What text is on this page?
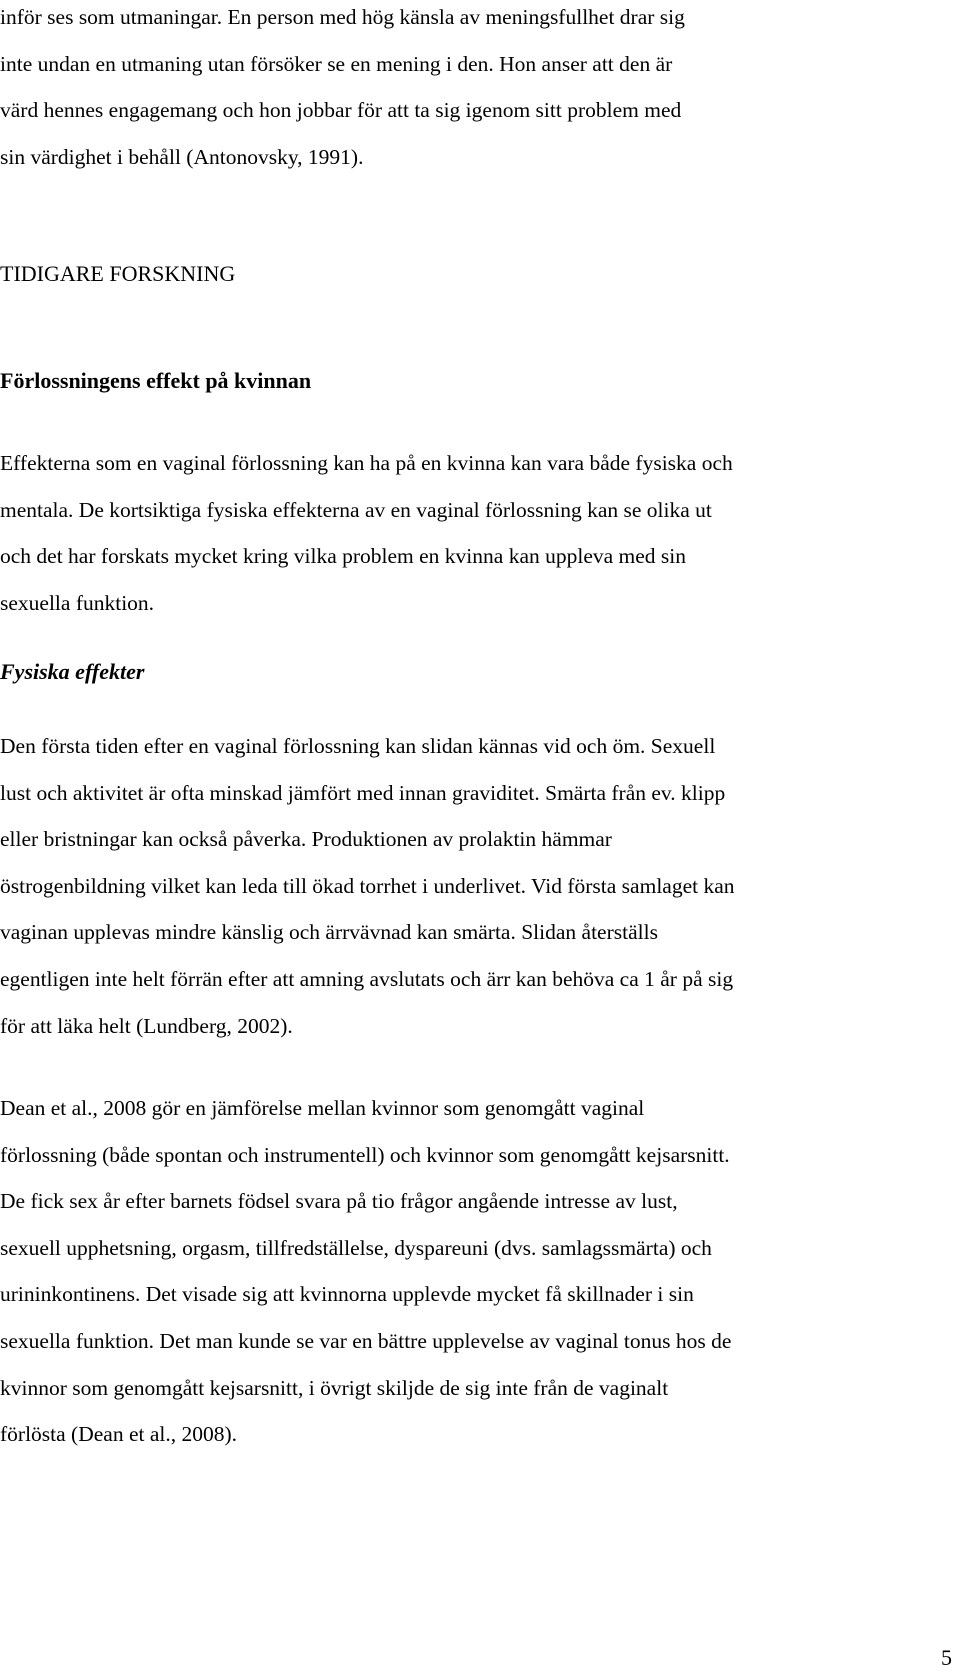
inför ses som utmaningar. En person med hög känsla av meningsfullhet drar sig
inte undan en utmaning utan försöker se en mening i den. Hon anser att den är
värd hennes engagemang och hon jobbar för att ta sig igenom sitt problem med
sin värdighet i behåll (Antonovsky, 1991).
TIDIGARE FORSKNING
Förlossningens effekt på kvinnan
Effekterna som en vaginal förlossning kan ha på en kvinna kan vara både fysiska och
mentala. De kortsiktiga fysiska effekterna av en vaginal förlossning kan se olika ut
och det har forskats mycket kring vilka problem en kvinna kan uppleva med sin
sexuella funktion.
Fysiska effekter
Den första tiden efter en vaginal förlossning kan slidan kännas vid och öm. Sexuell
lust och aktivitet är ofta minskad jämfört med innan graviditet. Smärta från ev. klipp
eller bristningar kan också påverka. Produktionen av prolaktin hämmar
östrogenbildning vilket kan leda till ökad torrhet i underlivet. Vid första samlaget kan
vaginan upplevas mindre känslig och ärrvävnad kan smärta. Slidan återställs
egentligen inte helt förrän efter att amning avslutats och ärr kan behöva ca 1 år på sig
för att läka helt (Lundberg, 2002).
Dean et al., 2008 gör en jämförelse mellan kvinnor som genomgått vaginal
förlossning (både spontan och instrumentell) och kvinnor som genomgått kejsarsnitt.
De fick sex år efter barnets födsel svara på tio frågor angående intresse av lust,
sexuell upphetsning, orgasm, tillfredställelse, dyspareuni (dvs. samlagssmärta) och
urininkontinens. Det visade sig att kvinnorna upplevde mycket få skillnader i sin
sexuella funktion. Det man kunde se var en bättre upplevelse av vaginal tonus hos de
kvinnor som genomgått kejsarsnitt, i övrigt skiljde de sig inte från de vaginalt
förlösta (Dean et al., 2008).
5
